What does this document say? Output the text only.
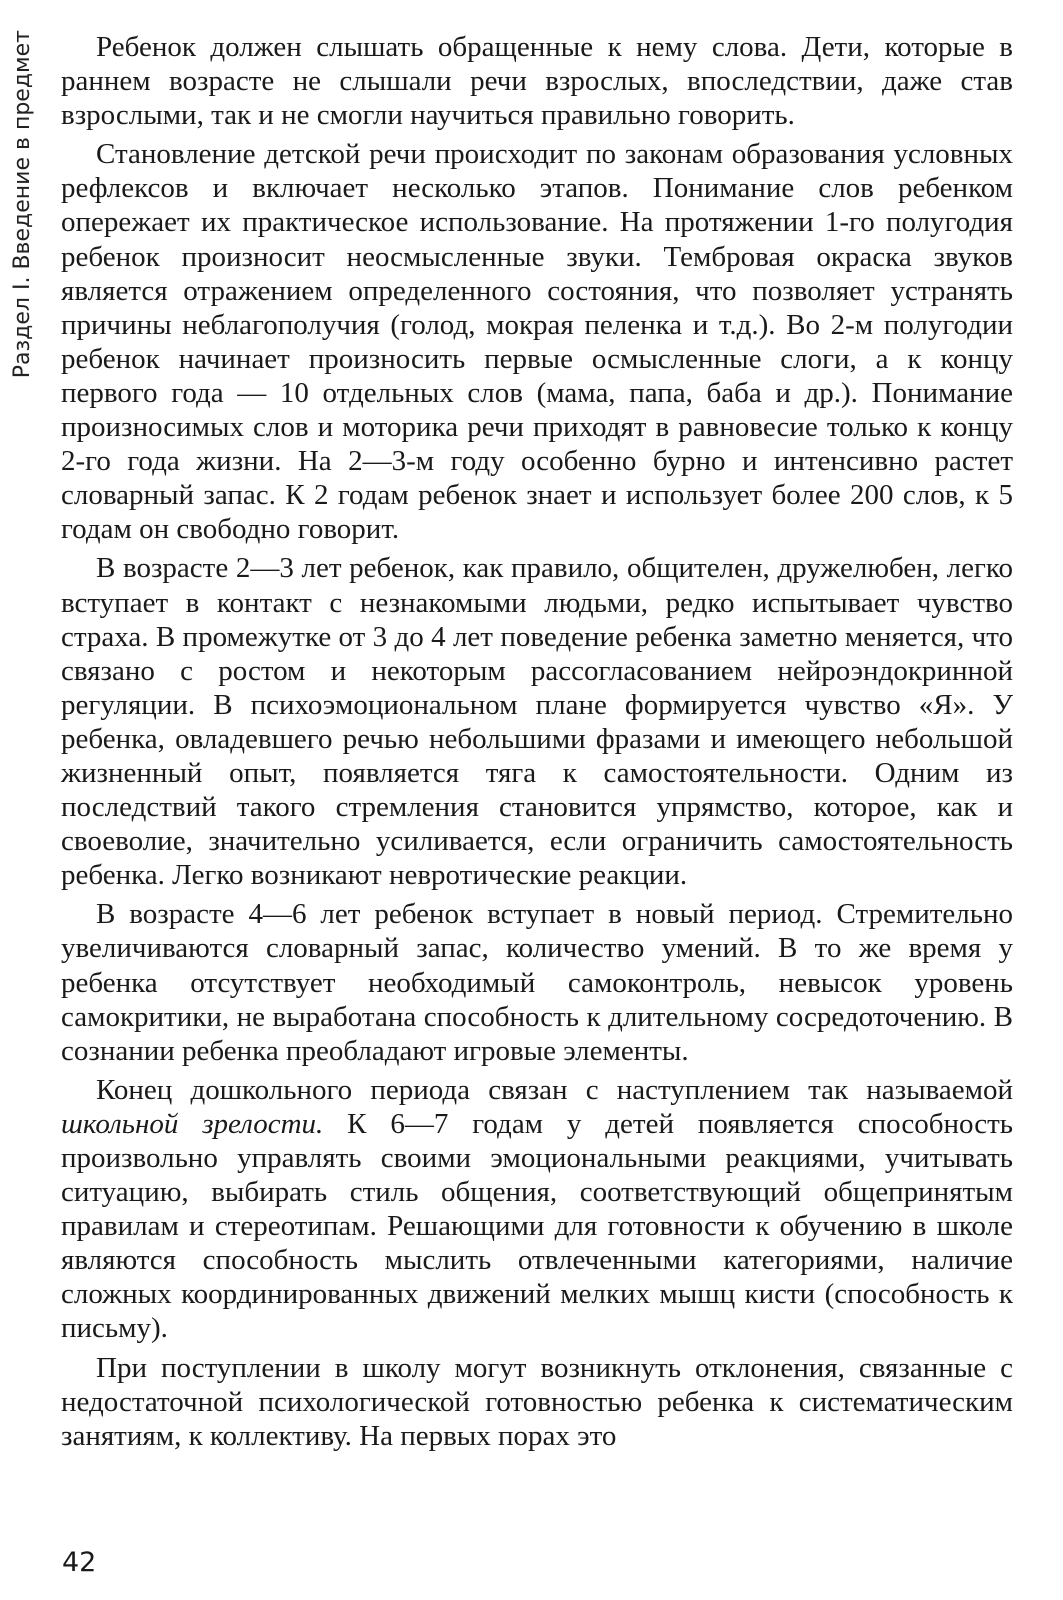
Раздел I. Введение в предмет	Ребенок должен слышать обращенные к нему слова. Дети, которые в раннем возрасте не слышали речи взрослых, впоследствии, даже став взрослыми, так и не смогли научиться правильно говорить.

Становление детской речи происходит по законам образования условных рефлексов и включает несколько этапов. Понимание слов ребенком опережает их практическое использование. На протяжении 1-го полугодия ребенок произносит неосмысленные звуки. Тембровая окраска звуков является отражением определенного состояния, что позволяет устранять причины неблагополучия (голод, мокрая пеленка и т.д.). Во 2-м полугодии ребенок начинает произносить первые осмысленные слоги, а к концу первого года — 10 отдельных слов (мама, папа, баба и др.). Понимание произносимых слов и моторика речи приходят в равновесие только к концу 2-го года жизни. На 2—3-м году особенно бурно и интенсивно растет словарный запас. К 2 годам ребенок знает и использует более 200 слов, к 5 годам он свободно говорит.

В возрасте 2—3 лет ребенок, как правило, общителен, дружелюбен, легко вступает в контакт с незнакомыми людьми, редко испытывает чувство страха. В промежутке от 3 до 4 лет поведение ребенка заметно меняется, что связано с ростом и некоторым рассогласованием нейроэндокринной регуляции. В психоэмоциональном плане формируется чувство «Я». У ребенка, овладевшего речью небольшими фразами и имеющего небольшой жизненный опыт, появляется тяга к самостоятельности. Одним из последствий такого стремления становится упрямство, которое, как и своеволие, значительно усиливается, если ограничить самостоятельность ребенка. Легко возникают невротические реакции.

В возрасте 4—6 лет ребенок вступает в новый период. Стремительно увеличиваются словарный запас, количество умений. В то же время у ребенка отсутствует необходимый самоконтроль, невысок уровень самокритики, не выработана способность к длительному сосредоточению. В сознании ребенка преобладают игровые элементы.

Конец дошкольного периода связан с наступлением так называемой школьной зрелости. К 6—7 годам у детей появляется способность произвольно управлять своими эмоциональными реакциями, учитывать ситуацию, выбирать стиль общения, соответствующий общепринятым правилам и стереотипам. Решающими для готовности к обучению в школе являются способность мыслить отвлеченными категориями, наличие сложных координированных движений мелких мышц кисти (способность к письму).

При поступлении в школу могут возникнуть отклонения, связанные с недостаточной психологической готовностью ребенка к систематическим занятиям, к коллективу. На первых порах это

42
